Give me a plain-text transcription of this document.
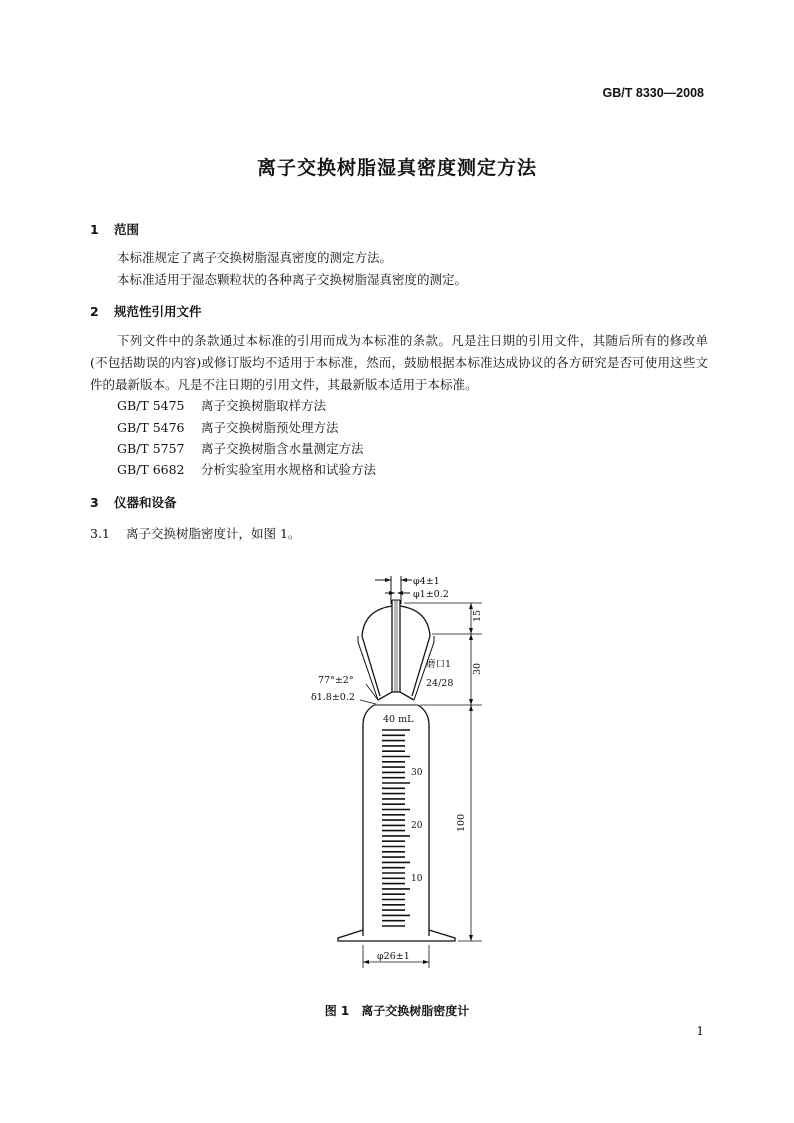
GB/T 8330—2008
离子交换树脂湿真密度测定方法
1 范围
本标准规定了离子交换树脂湿真密度的测定方法。
本标准适用于湿态颗粒状的各种离子交换树脂湿真密度的测定。
2 规范性引用文件
下列文件中的条款通过本标准的引用而成为本标准的条款。凡是注日期的引用文件，其随后所有的修改单(不包括勘误的内容)或修订版均不适用于本标准，然而，鼓励根据本标准达成协议的各方研究是否可使用这些文件的最新版本。凡是不注日期的引用文件，其最新版本适用于本标准。
GB/T 5475 离子交换树脂取样方法
GB/T 5476 离子交换树脂预处理方法
GB/T 5757 离子交换树脂含水量测定方法
GB/T 6682 分析实验室用水规格和试验方法
3 仪器和设备
3.1 离子交换树脂密度计，如图 1。
φ4±1
φ1±0.2
15
30
100
磨口1
24/28
77°±2°
δ1.8±0.2
40 mL
30
20
10
φ26±1
图 1　离子交换树脂密度计
1
